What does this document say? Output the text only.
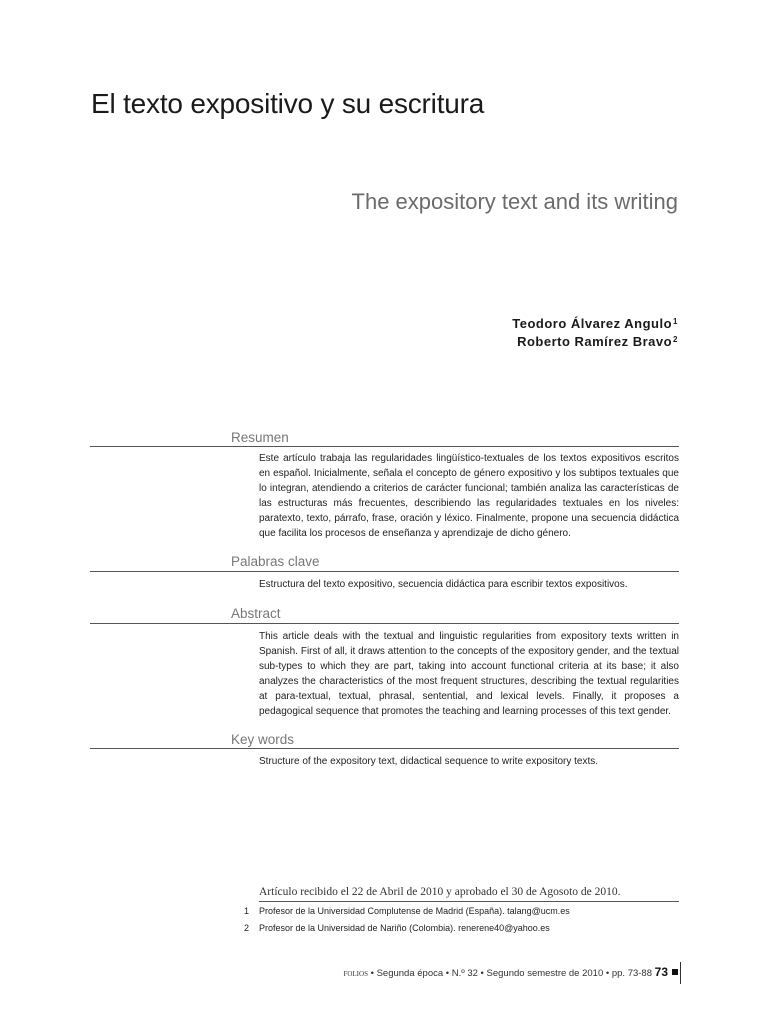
El texto expositivo y su escritura
The expository text and its writing
Teodoro Álvarez Angulo$^1$
Roberto Ramírez Bravo$^2$
Resumen
Este artículo trabaja las regularidades lingüístico-textuales de los textos expositivos escritos en español. Inicialmente, señala el concepto de género expositivo y los subtipos textuales que lo integran, atendiendo a criterios de carácter funcional; también analiza las características de las estructuras más frecuentes, describiendo las regularidades textuales en los niveles: paratexto, texto, párrafo, frase, oración y léxico. Finalmente, propone una secuencia didáctica que facilita los procesos de enseñanza y aprendizaje de dicho género.
Palabras clave
Estructura del texto expositivo, secuencia didáctica para escribir textos expositivos.
Abstract
This article deals with the textual and linguistic regularities from expository texts written in Spanish. First of all, it draws attention to the concepts of the expository gender, and the textual sub-types to which they are part, taking into account functional criteria at its base; it also analyzes the characteristics of the most frequent structures, describing the textual regularities at para-textual, textual, phrasal, sentential, and lexical levels. Finally, it proposes a pedagogical sequence that promotes the teaching and learning processes of this text gender.
Key words
Structure of the expository text, didactical sequence to write expository texts.
Artículo recibido el 22 de Abril de 2010 y aprobado el 30 de Agosoto de 2010.
1 Profesor de la Universidad Complutense de Madrid (España). talang@ucm.es
2 Profesor de la Universidad de Nariño (Colombia). renerene40@yahoo.es
folios • Segunda época • N.º 32 • Segundo semestre de 2010 • pp. 73-88 73
